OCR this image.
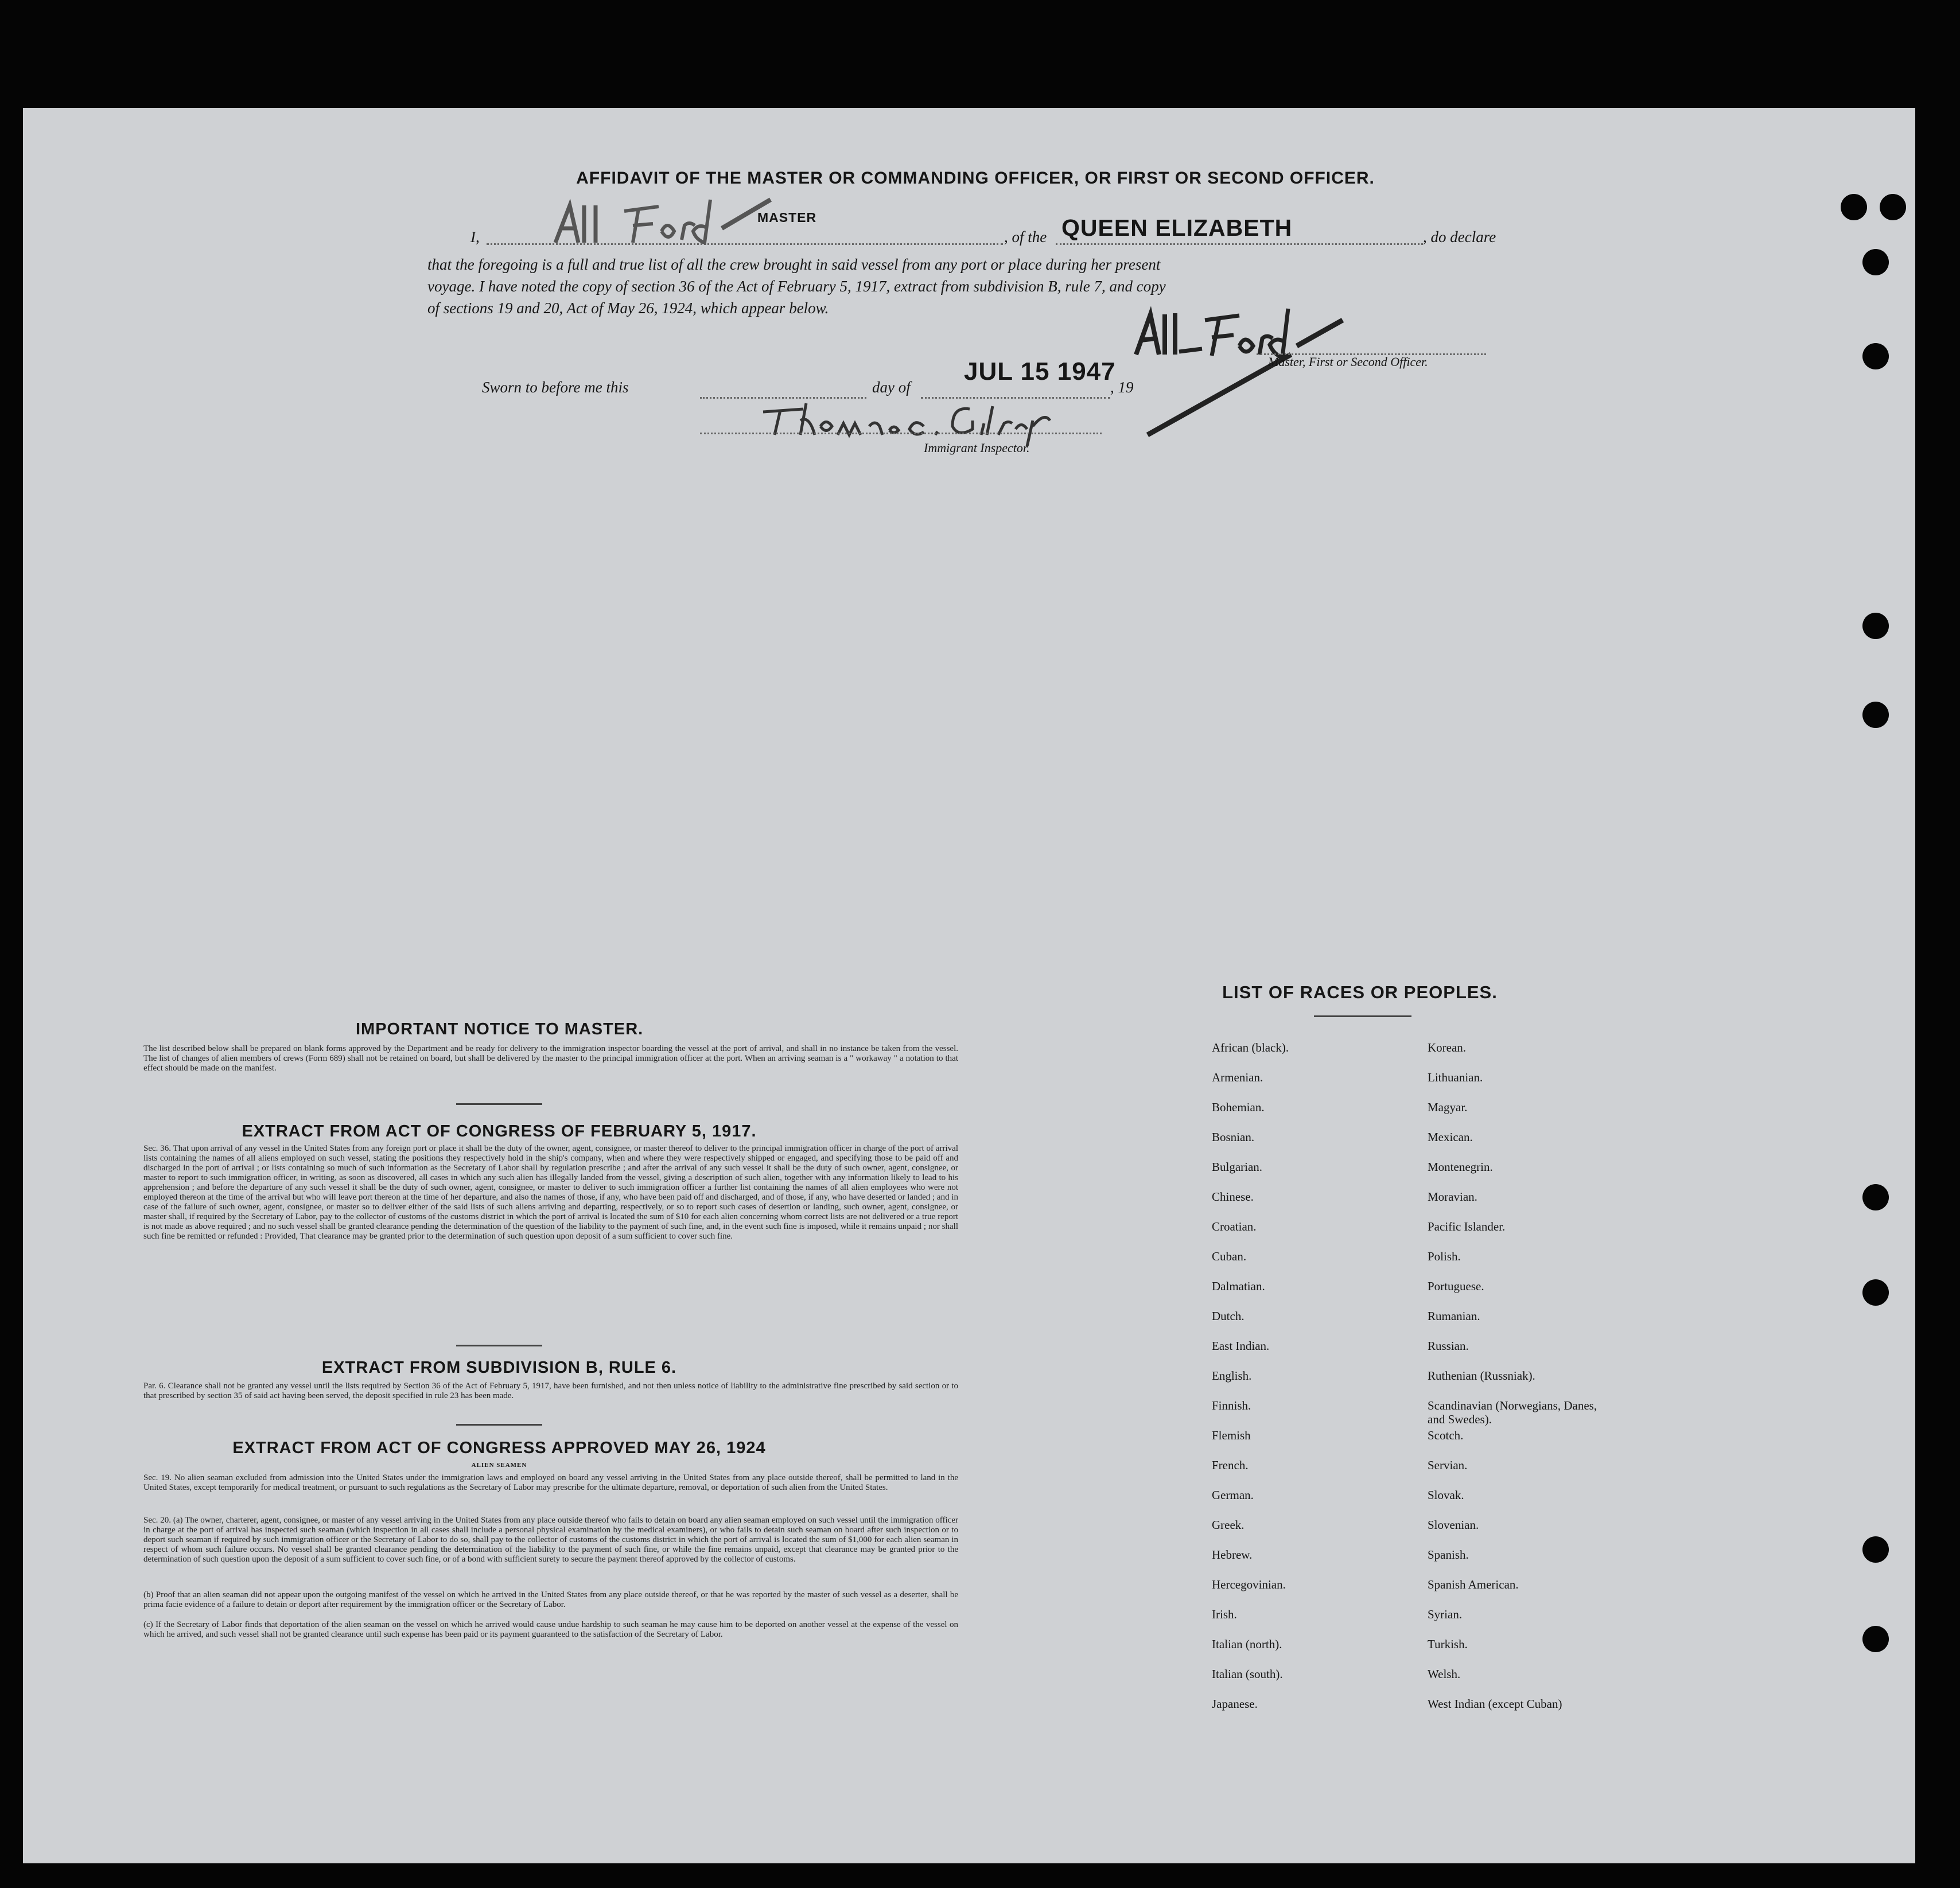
AFFIDAVIT OF THE MASTER OR COMMANDING OFFICER, OR FIRST OR SECOND OFFICER.
I,
MASTER
, of the QUEEN ELIZABETH	, do declare
that the foregoing is a full and true list of all the crew brought in said vessel from any port or place during her present
voyage. I have noted the copy of section 36 of the Act of February 5, 1917, extract from subdivision B, rule 7, and copy
of sections 19 and 20, Act of May 26, 1924, which appear below.
Master, First or Second Officer.
Sworn to before me this	day of
JUL 15 1947
, 19
Immigrant Inspector.
IMPORTANT NOTICE TO MASTER.
The list described below shall be prepared on blank forms approved by the Department and be ready for delivery to the immigration inspector boarding the vessel at the port of arrival, and shall in no instance be taken from the vessel. The list of changes of alien members of crews (Form 689) shall not be retained on board, but shall be delivered by the master to the principal immigration officer at the port. When an arriving seaman is a " workaway " a notation to that effect should be made on the manifest.
EXTRACT FROM ACT OF CONGRESS OF FEBRUARY 5, 1917.
Sec. 36. That upon arrival of any vessel in the United States from any foreign port or place it shall be the duty of the owner, agent, consignee, or master thereof to deliver to the principal immigration officer in charge of the port of arrival lists containing the names of all aliens employed on such vessel, stating the positions they respectively hold in the ship's company, when and where they were respectively shipped or engaged, and specifying those to be paid off and discharged in the port of arrival ; or lists containing so much of such information as the Secretary of Labor shall by regulation prescribe ; and after the arrival of any such vessel it shall be the duty of such owner, agent, consignee, or master to report to such immigration officer, in writing, as soon as discovered, all cases in which any such alien has illegally landed from the vessel, giving a description of such alien, together with any information likely to lead to his apprehension ; and before the departure of any such vessel it shall be the duty of such owner, agent, consignee, or master to deliver to such immigration officer a further list containing the names of all alien employees who were not employed thereon at the time of the arrival but who will leave port thereon at the time of her departure, and also the names of those, if any, who have been paid off and discharged, and of those, if any, who have deserted or landed ; and in case of the failure of such owner, agent, consignee, or master so to deliver either of the said lists of such aliens arriving and departing, respectively, or so to report such cases of desertion or landing, such owner, agent, consignee, or master shall, if required by the Secretary of Labor, pay to the collector of customs of the customs district in which the port of arrival is located the sum of $10 for each alien concerning whom correct lists are not delivered or a true report is not made as above required ; and no such vessel shall be granted clearance pending the determination of the question of the liability to the payment of such fine, and, in the event such fine is imposed, while it remains unpaid ; nor shall such fine be remitted or refunded : Provided, That clearance may be granted prior to the determination of such question upon deposit of a sum sufficient to cover such fine.
EXTRACT FROM SUBDIVISION B, RULE 6.
Par. 6. Clearance shall not be granted any vessel until the lists required by Section 36 of the Act of February 5, 1917, have been furnished, and not then unless notice of liability to the administrative fine prescribed by said section or to that prescribed by section 35 of said act having been served, the deposit specified in rule 23 has been made.
EXTRACT FROM ACT OF CONGRESS APPROVED MAY 26, 1924
ALIEN SEAMEN
Sec. 19. No alien seaman excluded from admission into the United States under the immigration laws and employed on board any vessel arriving in the United States from any place outside thereof, shall be permitted to land in the United States, except temporarily for medical treatment, or pursuant to such regulations as the Secretary of Labor may prescribe for the ultimate departure, removal, or deportation of such alien from the United States.
Sec. 20. (a) The owner, charterer, agent, consignee, or master of any vessel arriving in the United States from any place outside thereof who fails to detain on board any alien seaman employed on such vessel until the immigration officer in charge at the port of arrival has inspected such seaman (which inspection in all cases shall include a personal physical examination by the medical examiners), or who fails to detain such seaman on board after such inspection or to deport such seaman if required by such immigration officer or the Secretary of Labor to do so, shall pay to the collector of customs of the customs district in which the port of arrival is located the sum of $1,000 for each alien seaman in respect of whom such failure occurs. No vessel shall be granted clearance pending the determination of the liability to the payment of such fine, or while the fine remains unpaid, except that clearance may be granted prior to the determination of such question upon the deposit of a sum sufficient to cover such fine, or of a bond with sufficient surety to secure the payment thereof approved by the collector of customs.
(b) Proof that an alien seaman did not appear upon the outgoing manifest of the vessel on which he arrived in the United States from any place outside thereof, or that he was reported by the master of such vessel as a deserter, shall be prima facie evidence of a failure to detain or deport after requirement by the immigration officer or the Secretary of Labor.
(c) If the Secretary of Labor finds that deportation of the alien seaman on the vessel on which he arrived would cause undue hardship to such seaman he may cause him to be deported on another vessel at the expense of the vessel on which he arrived, and such vessel shall not be granted clearance until such expense has been paid or its payment guaranteed to the satisfaction of the Secretary of Labor.
LIST OF RACES OR PEOPLES.
African (black).
Armenian.
Bohemian.
Bosnian.
Bulgarian.
Chinese.
Croatian.
Cuban.
Dalmatian.
Dutch.
East Indian.
English.
Finnish.
Flemish
French.
German.
Greek.
Hebrew.
Hercegovinian.
Irish.
Italian (north).
Italian (south).
Japanese.
Korean.
Lithuanian.
Magyar.
Mexican.
Montenegrin.
Moravian.
Pacific Islander.
Polish.
Portuguese.
Rumanian.
Russian.
Ruthenian (Russniak).
Scandinavian (Norwegians, Danes, and Swedes).
Scotch.
Servian.
Slovak.
Slovenian.
Spanish.
Spanish American.
Syrian.
Turkish.
Welsh.
West Indian (except Cuban)
